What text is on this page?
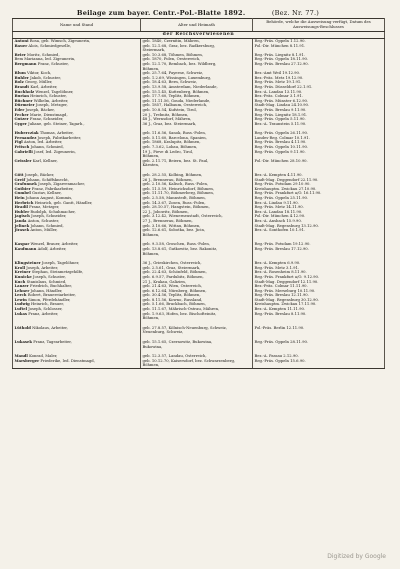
Beilage zum bayer. Centr.-Pol.-Blatte 1892.	(Bez. Nr. 77.)
Name und Stand	Alter und Heimath	Behörde, welche die Ausweisung verfügt, Datum des Ausweisungs-Beschlusses
der Reichsverwiesenen		
Antoni Rosa, geb. Wimsch, Zigeunerin,	geb. 1840, Czernitin, Mähren,	Reg.-Präs. Oppeln 1.12.90.
Bauer Alois, Schmiedgeselle,	geb. 12.1.68, Graz, bez. Radkersburg,	Pol.-Dir. München 8.11.91.
	Steiermark,	
Beier Moritz, Schmied,	geb. 10.3.68, Töhmen, Böhmen,	Reg.-Präs. Liegnitz 8.1.91.
Bem Marianna, led. Zigeunerin,	geb. 1870, Polen, Oesterreich,	Reg.-Präs. Oppeln 18.11.90.
Bergmann Franz, Schuster,	geb. 12.1.70, Rembach, bez. Wildberg,	Reg.-Präs. Breslau 27.12.90.
	Böhmen,	
Blum Viktor, Koch,	geb. 25.7.64, Payerne, Schweiz,	Bez.-Amt Weil 19.12.90.
Buhler Jakob, Schuster,	geb. 1.2.69, Wissingen, Luxemburg,	Bez.-Präs. Metz 19.12.90.
Bolz Georg, Müller,	geb. 18.4.63, Bern, Schweiz,	Reg.-Präs. Metz 19.1.91.
Brandt Karl, Arbeiter,	geb. 13.9.58, Amsterdam, Niederlande,	Reg.-Präs. Düsseldorf 22.1.91.
Buchholz Wenzel, Tagelöhner,	geb. 15.1.45, Kuttenberg, Böhmen,	Bez.-A. Landau 13.11.90.
Burian Heinrich, Schuster,	geb. 17.7.60, Teplitz, Böhmen,	Bez.-Präs. Colmar 3.1.91.
Büchner Wilhelm, Arbeiter,	geb. 11.11.56, Gouda, Niederlande,	Reg.-Präs. Münster 6.12.90.
Dürmeier Joseph, Metzger,	geb. 1857, Halbaum, Oesterreich,	Stadt-Mag. Lindau 24.10.90.
Eder Joseph, Bäcker,	geb. 10.8.54, Kufstein, Tirol,	Reg.-Präs. Breslau 9.11.90.
Fecher Marie, Dienstmagd,	20 J., Trebnitz, Böhmen,	Reg.-Präs. Liegnitz 18.1.91.
Gutzer Franz, Schneider,	48 J., Wernsdorf, Mähren,	Reg.-Präs. Oppeln 5.11.90.
Gyger Juliane, geb. Steiner, Tagarb.,	36 J., Graz, bez. Steiermark,	Bez.-A. Traunstein 5.11.90.

Hubercziak Thomas, Arbeiter,	geb. 11.6.56, Sanok, Russ.-Polen,	Reg.-Präs. Oppeln 26.11.90.
Fernandez Joseph, Fabrikarbeiter,	geb. 5.11.60, Barcelona, Spanien,	Landes-Reg. Colmar 10.1.91.
Figl Anton, led. Arbeiter,	geb. 1868, Kralupitz, Böhmen,	Reg.-Präs. Breslau 4.11.90.
Fritsch Johann, Schmied,	geb. 7.3.62, Lobau, Böhmen,	Reg.-Präs. Oppeln 10.11.90.
Gabrielli Josef, led. Zigeunerin,	19 J., Pieve di Ledro, Tirol,	Reg.-Präs. Oppeln 9.11.90.
	Böhmen,	
Geissler Karl, Kellner,	geb. 2.11.71, Beiern, bez. St. Paul,	Pol.-Dir. München 28.10.90.
	Kärnten,	

Gött Joseph, Bäcker,	geb. 28.2.55, Kolbing, Böhmen,	Bez.-A. Kempten 4.11.90.
Greif Johann, Schiffsknecht,	26 J., Brennerau, Böhmen,	Stadt-Mag. Deggendorf 22.11.90.
Grafunnek Joseph, Zigarrenmacher,	geb. 2.10.56, Kalisch, Russ.-Polen,	Reg.-Präs. Potsdam 29.10.90.
Gutbier Franz, Fabrikarbeiter,	geb. 11.5.59, Heinrichsdorf, Böhmen,	Kreishauptm. Zwickau 27.10.90.
Gumbel Gustav, Kellner,	geb. 11.11.70, Böhmerberg, Böhmen,	Reg.-Präs. Frankfurt a/O. 16.11.90.
Hein Johann August, Kommis,	geb. 2.5.58, Mannstedt, Böhmen,	Reg.-Präs. Oppeln 25.11.90.
Herbrich Heinrich, geb. Gantt, Händler,	geb. 14.3.67, Zosen, Russ.-Polen,	Bez.-A. Lindau 9.11.90.
Hradil Franz, Metzger,	geb. 28.10.57, Hangstein, Böhmen,	Reg.-Präs. Metz 14.11.90.
Hubler Rudolph, Schuhmacher,	22 J., Jobowitz, Böhmen,	Bez.-A. Landau 18.11.90.
Jagisch Joseph, Schneider,	geb. 3.12.42, Wienerneustadt, Österreich,	Pol.-Dir. München 4.12.90.
Janda Anton, Schuster,	27 J., Brennerau, Böhmen,	Bez.-A. Ansbach 15.9.90.
Jelinek Johann, Schmied,	geb. 3.10.66, Wittau, Böhmen,	Stadt-Mag. Regensburg 13.12.90.
Jirasek Anton, Müller,	geb. 12.6.61, Sobotka, bez. Jicin,	Bez.-A. Sonthofen 10.1.91.
	Böhmen,	

Kaspar Wenzel, Brauer, Arbeiter,	geb. 9.3.58, Groschen, Russ.-Polen,	Reg.-Präs. Potsdam 19.12.90.
Kaufmann Adolf, Arbeiter,	geb. 13.8.61, Gutkowitz, bez. Rakonitz,	Reg.-Präs. Breslau 17.12.90.
	Böhmen,	

Klingsteiner Joseph, Tagelöhner,	36 J., Grieskirchen, Österreich,	Bez.-A. Kempten 6.9.90.
Kroll Joseph, Arbeiter,	geb. 2.5.61, Graz, Steiermark,	Reg.-Präs. Metz 3.1.91.
Kreiner Stephan, Steinmetzgehilfe,	geb. 22.4.63, Schönfeld, Böhmen,	Bez.-A. Rosenheim 8.11.90.
Kunicke Joseph, Schuster,	geb. 6.9.57, Pardubitz, Böhmen,	Reg.-Präs. Frankfurt a/O. 9.12.90.
Kuch Stanislaus, Schmied,	21 J., Krakau, Galizien,	Stadt-Mag. Deggendorf 12.11.90.
Lanzer Friedrich, Buchhalter,	geb. 21.4.63, Wien, Österreich,	Bez.-Präs. Colmar 11.11.90.
Lehner Johann, Händler,	geb. 6.12.64, Nürnberg, Böhmen,	Reg.-Präs. Merseburg 10.11.90.
Lerch Robert, Brauereiarbeiter,	geb. 30.4.56, Teplitz, Böhmen,	Reg.-Präs. Breslau 12.11.90.
Lewin Simon, Pferdehändler,	geb. 8.11.56, Kowno, Russland,	Stadt-Mag. Regensburg 30.12.90.
Ludwig Heinrich, Brauer,	geb. 5.1.66, Bruckbach, Böhmen,	Kreishauptm. Zwickau 17.11.90.
Luftel Joseph, Schlosser,	geb. 11.1.67, Mährisch-Ostrau, Mähren,	Bez.-A. Kempten 11.11.90.
Lukas Franz, Arbeiter,	geb. 1.9.63, Hofen, bez. Bischofteinitz,	Reg.-Präs. Breslau 8.11.90.
	Böhmen,	

Lüthold Nikolaus, Arbeiter,	geb. 27.8.57, Kölnisch-Neuenburg, Schweiz,	Pol.-Präs. Berlin 12.11.90.
	Neuenburg, Schweiz,	

Lukasek Franz, Tagearbeiter,	geb. 15.1.65, Czernowitz, Bukowina,	Reg.-Präs. Oppeln 28.11.90.
	Bukowina,	

Mandl Konrad, Maler,	geb. 12.3.57, Landau, Österreich,	Bez.-A. Passau 2.12.90.
Marsberger Friederike, led. Dienstmagd,	geb. 10.12.70, Kaisersdorf, bez. Schwarzenberg,	Reg.-Präs. Oppeln 15.6.90.
	Böhmen,	
Digitized by Google
